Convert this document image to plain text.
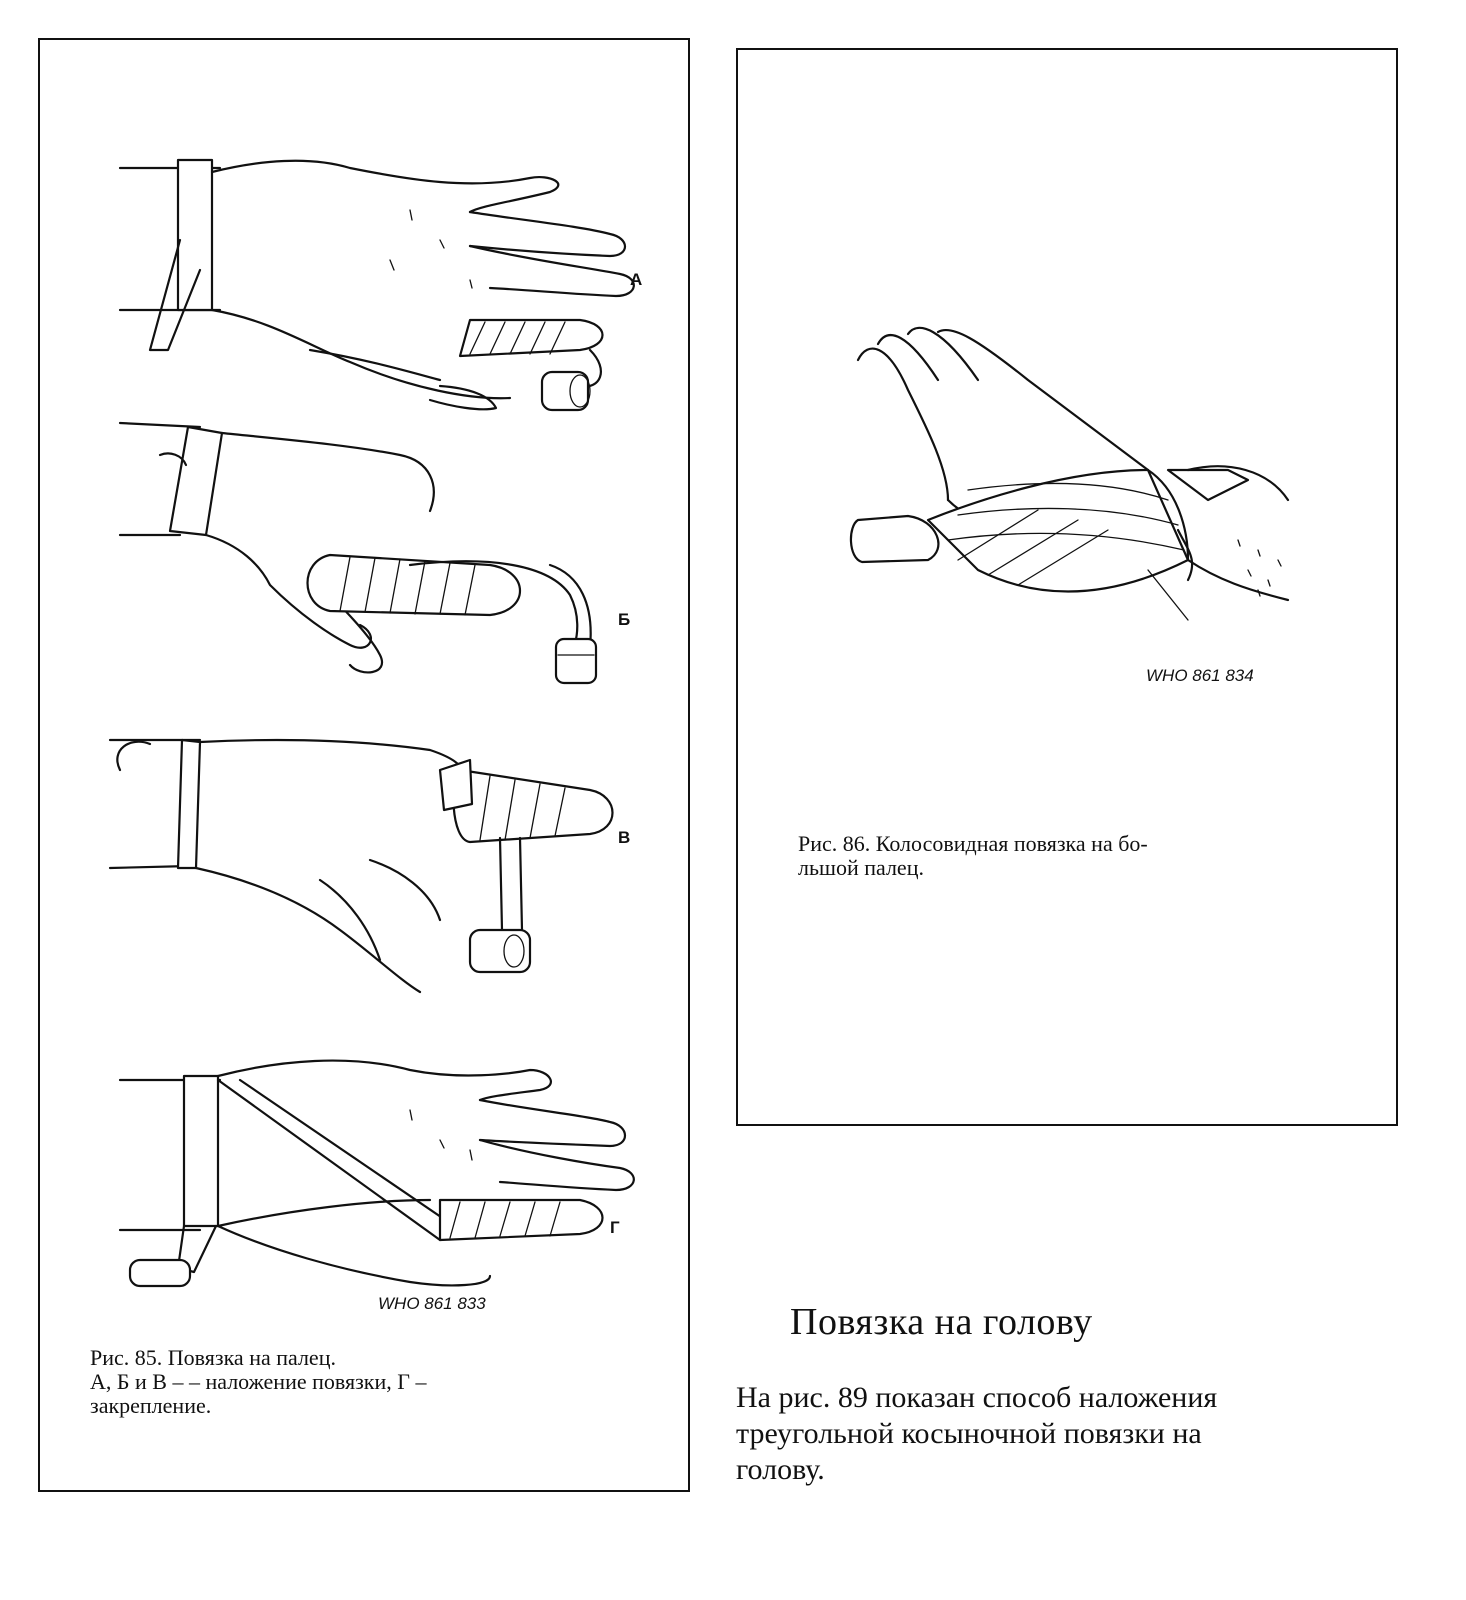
А
Б
В
Г
WHO 861 833
Рис. 85. Повязка на палец.
А, Б и В – – наложение повязки, Г –
закрепление.
WHO 861 834
Рис. 86. Колосовидная повязка на бо-
льшой палец.
Повязка на голову
На рис. 89 показан способ наложения
треугольной косыночной повязки на
голову.
